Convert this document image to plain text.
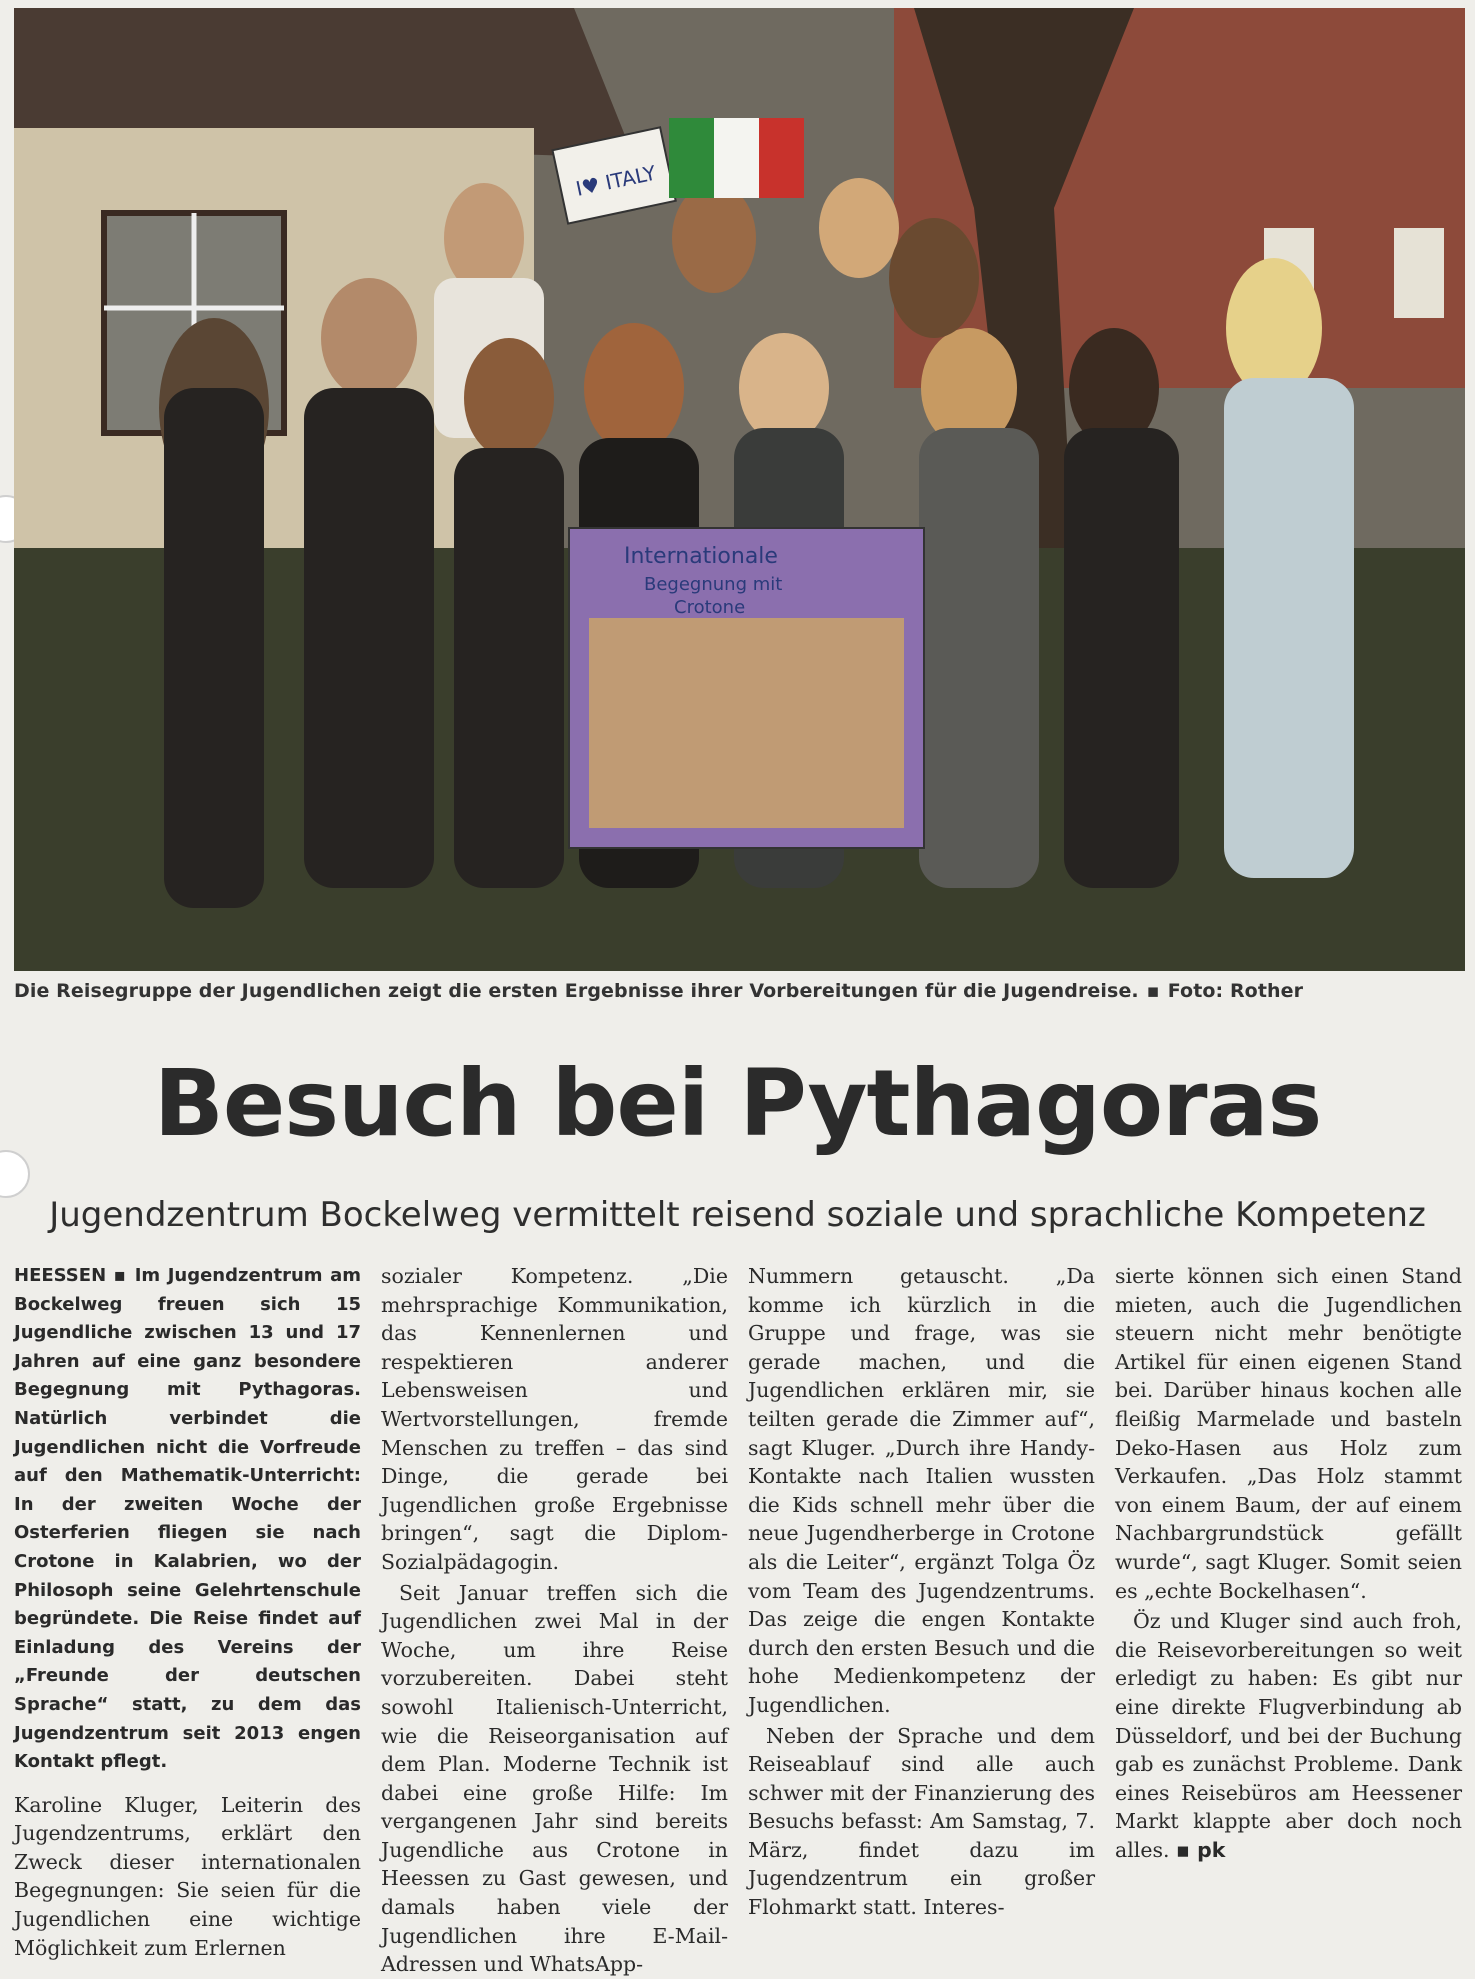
I♥ ITALY
Internationale
Begegnung mit
Crotone
Die Reisegruppe der Jugendlichen zeigt die ersten Ergebnisse ihrer Vorbereitungen für die Jugendreise. ▪ Foto: Rother
Besuch bei Pythagoras
Jugendzentrum Bockelweg vermittelt reisend soziale und sprachliche Kompetenz

HEESSEN ▪ Im Jugendzentrum am Bockelweg freuen sich 15 Jugendliche zwischen 13 und 17 Jahren auf eine ganz besondere Begegnung mit Pythagoras. Natürlich verbindet die Jugendlichen nicht die Vorfreude auf den Mathematik-Unterricht: In der zweiten Woche der Osterferien fliegen sie nach Crotone in Kalabrien, wo der Philosoph seine Gelehrtenschule begründete. Die Reise findet auf Einladung des Vereins der „Freunde der deutschen Sprache“ statt, zu dem das Jugendzentrum seit 2013 engen Kontakt pflegt.

Karoline Kluger, Leiterin des Jugendzentrums, erklärt den Zweck dieser internationalen Begegnungen: Sie seien für die Jugendlichen eine wichtige Möglichkeit zum Erlernen

sozialer Kompetenz. „Die mehrsprachige Kommunikation, das Kennenlernen und respektieren anderer Lebensweisen und Wertvorstellungen, fremde Menschen zu treffen – das sind Dinge, die gerade bei Jugendlichen große Ergebnisse bringen“, sagt die Diplom-Sozialpädagogin.

Seit Januar treffen sich die Jugendlichen zwei Mal in der Woche, um ihre Reise vorzubereiten. Dabei steht sowohl Italienisch-Unterricht, wie die Reiseorganisation auf dem Plan. Moderne Technik ist dabei eine große Hilfe: Im vergangenen Jahr sind bereits Jugendliche aus Crotone in Heessen zu Gast gewesen, und damals haben viele der Jugendlichen ihre E-Mail-Adressen und WhatsApp-

Nummern getauscht. „Da komme ich kürzlich in die Gruppe und frage, was sie gerade machen, und die Jugendlichen erklären mir, sie teilten gerade die Zimmer auf“, sagt Kluger. „Durch ihre Handy-Kontakte nach Italien wussten die Kids schnell mehr über die neue Jugendherberge in Crotone als die Leiter“, ergänzt Tolga Öz vom Team des Jugendzentrums. Das zeige die engen Kontakte durch den ersten Besuch und die hohe Medienkompetenz der Jugendlichen.

Neben der Sprache und dem Reiseablauf sind alle auch schwer mit der Finanzierung des Besuchs befasst: Am Samstag, 7. März, findet dazu im Jugendzentrum ein großer Flohmarkt statt. Interes-

sierte können sich einen Stand mieten, auch die Jugendlichen steuern nicht mehr benötigte Artikel für einen eigenen Stand bei. Darüber hinaus kochen alle fleißig Marmelade und basteln Deko-Hasen aus Holz zum Verkaufen. „Das Holz stammt von einem Baum, der auf einem Nachbargrundstück gefällt wurde“, sagt Kluger. Somit seien es „echte Bockelhasen“.

Öz und Kluger sind auch froh, die Reisevorbereitungen so weit erledigt zu haben: Es gibt nur eine direkte Flugverbindung ab Düsseldorf, und bei der Buchung gab es zunächst Probleme. Dank eines Reisebüros am Heessener Markt klappte aber doch noch alles. ▪ pk
